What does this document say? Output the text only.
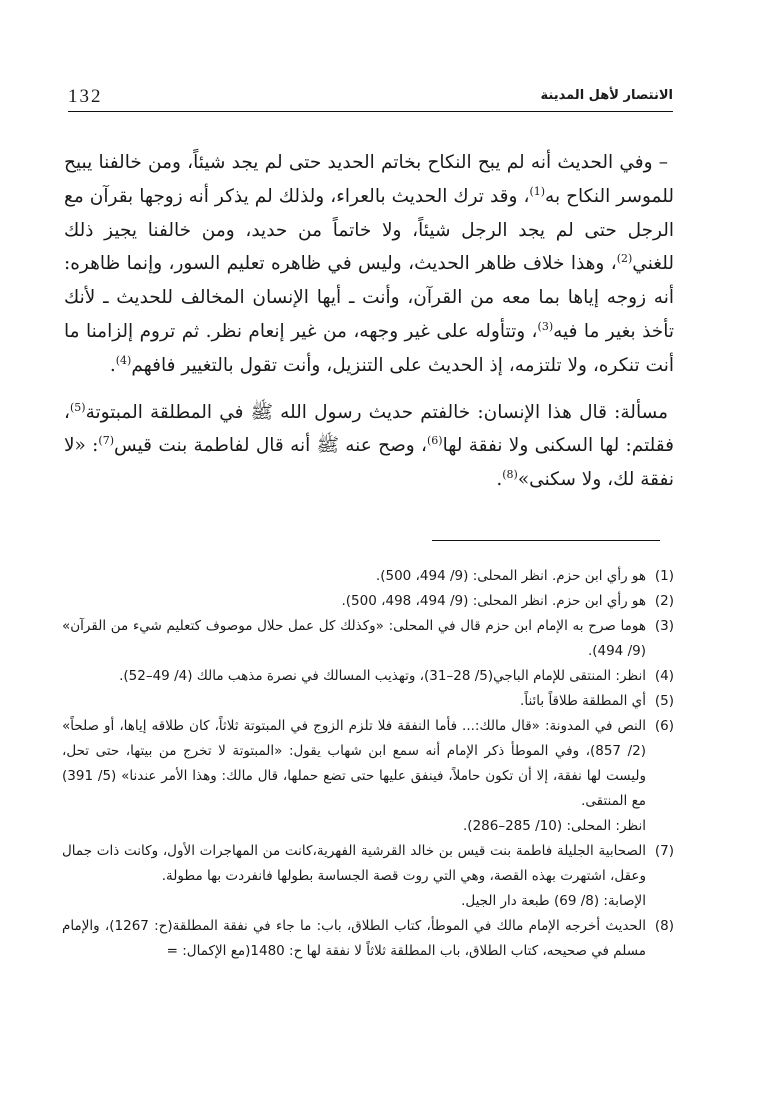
132	الانتصار لأهل المدينة

– وفي الحديث أنه لم يبح النكاح بخاتم الحديد حتى لم يجد شيئاً، ومن خالفنا يبيح للموسر النكاح به$^{(1)}$، وقد ترك الحديث بالعراء، ولذلك لم يذكر أنه زوجها بقرآن مع الرجل حتى لم يجد الرجل شيئاً، ولا خاتماً من حديد، ومن خالفنا يجيز ذلك للغني$^{(2)}$، وهذا خلاف ظاهر الحديث، وليس في ظاهره تعليم السور، وإنما ظاهره: أنه زوجه إياها بما معه من القرآن، وأنت ـ أيها الإنسان المخالف للحديث ـ لأنك تأخذ بغير ما فيه$^{(3)}$، وتتأوله على غير وجهه، من غير إنعام نظر. ثم تروم إلزامنا ما أنت تنكره، ولا تلتزمه، إذ الحديث على التنزيل، وأنت تقول بالتغيير فافهم$^{(4)}$.

مسألة: قال هذا الإنسان: خالفتم حديث رسول الله ﷺ في المطلقة المبتوتة$^{(5)}$، فقلتم: لها السكنى ولا نفقة لها$^{(6)}$، وصح عنه ﷺ أنه قال لفاطمة بنت قيس$^{(7)}$: «لا نفقة لك، ولا سكنى»$^{(8)}$.

(1)
هو رأي ابن حزم. انظر المحلى: (9/ 494، 500).

(2)
هو رأي ابن حزم. انظر المحلى: (9/ 494، 498، 500).

(3)
هوما صرح به الإمام ابن حزم قال في المحلى: «وكذلك كل عمل حلال موصوف كتعليم شيء من القرآن» (9/ 494).

(4)
انظر: المنتقى للإمام الباجي(5/ 28–31)، وتهذيب المسالك في نصرة مذهب مالك (4/ 49–52).

(5)
أي المطلقة طلاقاً بائناً.

(6)
النص في المدونة: «قال مالك:... فأما النفقة فلا تلزم الزوج في المبتوتة ثلاثاً، كان طلاقه إياها، أو صلحاً» (2/ 857)، وفي الموطأ ذكر الإمام أنه سمع ابن شهاب يقول: «المبتوتة لا تخرج من بيتها، حتى تحل، وليست لها نفقة، إلا أن تكون حاملاً، فينفق عليها حتى تضع حملها، قال مالك: وهذا الأمر عندنا» (5/ 391) مع المنتقى.

انظر: المحلى: (10/ 285–286).

(7)
الصحابية الجليلة فاطمة بنت قيس بن خالد القرشية الفهرية،كانت من المهاجرات الأول، وكانت ذات جمال وعقل، اشتهرت بهذه القصة، وهي التي روت قصة الجساسة بطولها فانفردت بها مطولة.

الإصابة: (8/ 69) طبعة دار الجيل.

(8)
الحديث أخرجه الإمام مالك في الموطأ، كتاب الطلاق، باب: ما جاء في نفقة المطلقة(ح: 1267)، والإمام مسلم في صحيحه، كتاب الطلاق، باب المطلقة ثلاثاً لا نفقة لها ح: 1480(مع الإكمال: =
